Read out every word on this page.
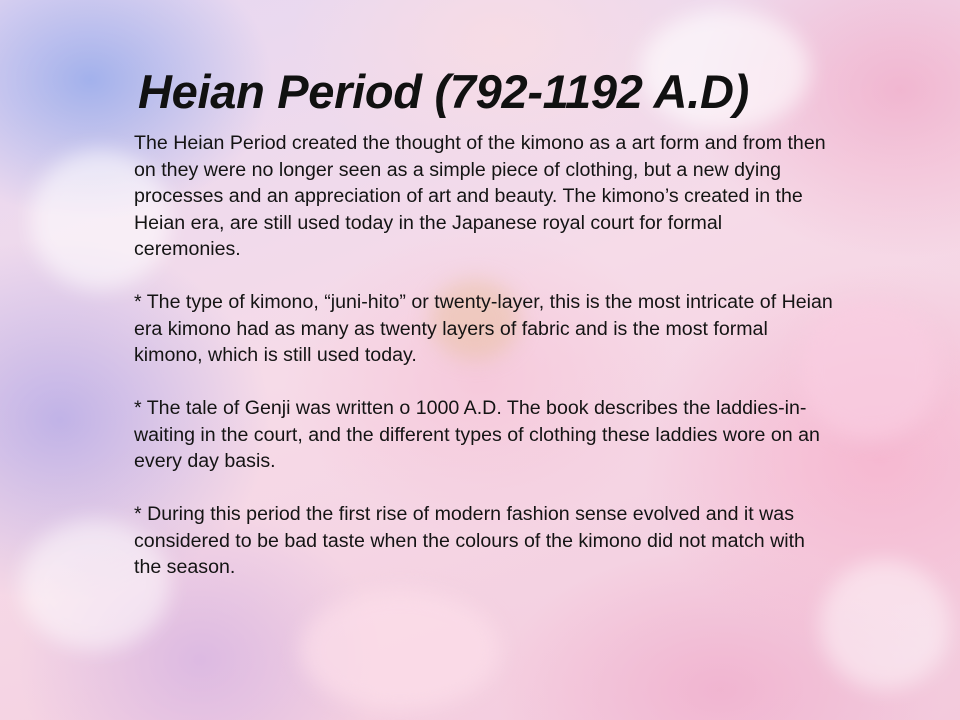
Heian Period (792-1192 A.D)

The Heian Period created the thought of the kimono as a art form and from then on they were no longer seen as a simple piece of clothing, but a new dying processes and an appreciation of art and beauty. The kimono’s created in the Heian era, are still used today in the Japanese royal court for formal ceremonies.

* The type of kimono, “juni-hito” or twenty-layer, this is the most intricate of Heian era kimono had as many as twenty layers of fabric and is the most formal kimono, which is still used today.

* The tale of Genji was written o 1000 A.D. The book describes the laddies-in-waiting in the court, and the different types of clothing these laddies wore on an every day basis.

* During this period the first rise of modern fashion sense evolved and it was considered to be bad taste when the colours of the kimono did not match with the season.
